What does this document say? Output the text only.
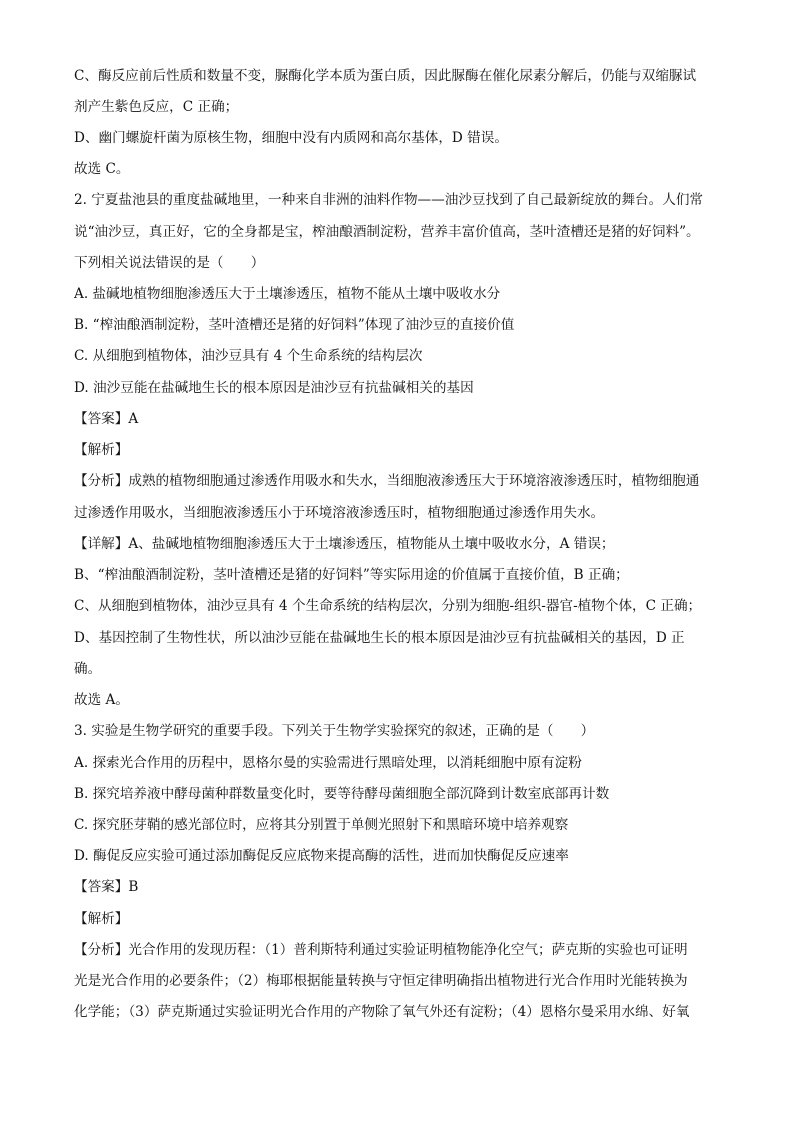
C、酶反应前后性质和数量不变，脲酶化学本质为蛋白质，因此脲酶在催化尿素分解后，仍能与双缩脲试
剂产生紫色反应，C 正确；
D、幽门螺旋杆菌为原核生物，细胞中没有内质网和高尔基体，D 错误。
故选 C。
2. 宁夏盐池县的重度盐碱地里，一种来自非洲的油料作物——油沙豆找到了自己最新绽放的舞台。人们常
说“油沙豆，真正好，它的全身都是宝，榨油酿酒制淀粉，营养丰富价值高，茎叶渣槽还是猪的好饲料”。
下列相关说法错误的是（　　）
A. 盐碱地植物细胞渗透压大于土壤渗透压，植物不能从土壤中吸收水分
B. “榨油酿酒制淀粉，茎叶渣槽还是猪的好饲料”体现了油沙豆的直接价值
C. 从细胞到植物体，油沙豆具有 4 个生命系统的结构层次
D. 油沙豆能在盐碱地生长的根本原因是油沙豆有抗盐碱相关的基因
【答案】A
【解析】
【分析】成熟的植物细胞通过渗透作用吸水和失水，当细胞液渗透压大于环境溶液渗透压时，植物细胞通
过渗透作用吸水，当细胞液渗透压小于环境溶液渗透压时，植物细胞通过渗透作用失水。
【详解】A、盐碱地植物细胞渗透压大于土壤渗透压，植物能从土壤中吸收水分，A 错误；
B、“榨油酿酒制淀粉，茎叶渣槽还是猪的好饲料”等实际用途的价值属于直接价值，B 正确；
C、从细胞到植物体，油沙豆具有 4 个生命系统的结构层次，分别为细胞-组织-器官-植物个体，C 正确；
D、基因控制了生物性状，所以油沙豆能在盐碱地生长的根本原因是油沙豆有抗盐碱相关的基因，D 正
确。
故选 A。
3. 实验是生物学研究的重要手段。下列关于生物学实验探究的叙述，正确的是（　　）
A. 探索光合作用的历程中，恩格尔曼的实验需进行黑暗处理，以消耗细胞中原有淀粉
B. 探究培养液中酵母菌种群数量变化时，要等待酵母菌细胞全部沉降到计数室底部再计数
C. 探究胚芽鞘的感光部位时，应将其分别置于单侧光照射下和黑暗环境中培养观察
D. 酶促反应实验可通过添加酶促反应底物来提高酶的活性，进而加快酶促反应速率
【答案】B
【解析】
【分析】光合作用的发现历程：（1）普利斯特利通过实验证明植物能净化空气；萨克斯的实验也可证明
光是光合作用的必要条件；（2）梅耶根据能量转换与守恒定律明确指出植物进行光合作用时光能转换为
化学能；（3）萨克斯通过实验证明光合作用的产物除了氧气外还有淀粉；（4）恩格尔曼采用水绵、好氧
